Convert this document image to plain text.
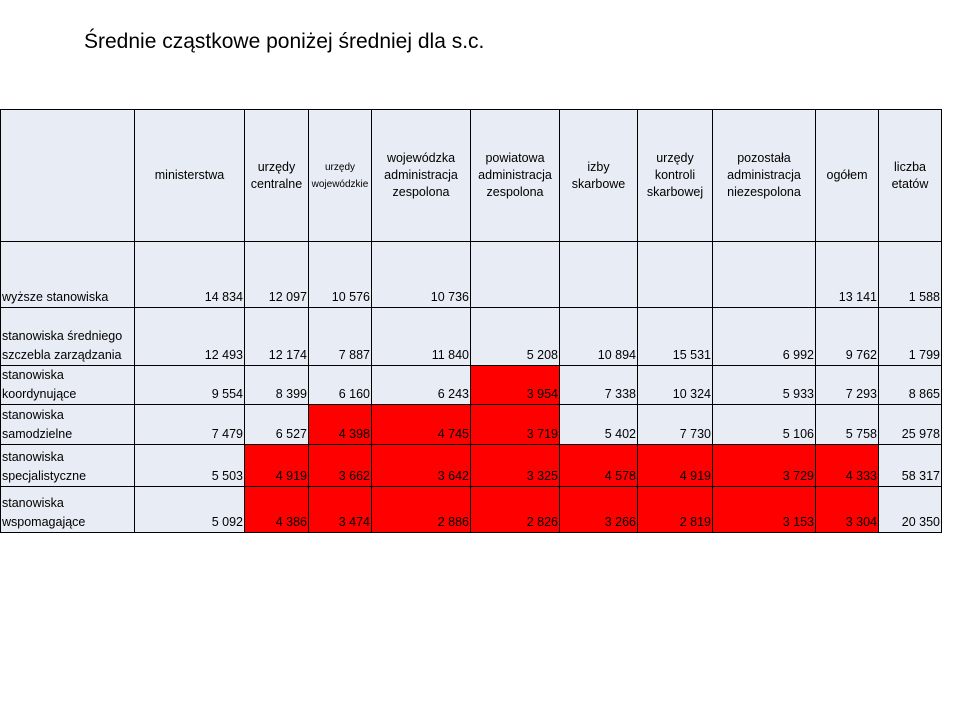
Średnie cząstkowe poniżej średniej dla s.c.
	ministerstwa	urzędy centralne	urzędy wojewódzkie	wojewódzka administracja zespolona	powiatowa administracja zespolona	izby skarbowe	urzędy kontroli skarbowej	pozostała administracja niezespolona	ogółem	liczba etatów
wyższe stanowiska	14 834	12 097	10 576	10 736					13 141	1 588
stanowiska średniego szczebla zarządzania	12 493	12 174	7 887	11 840	5 208	10 894	15 531	6 992	9 762	1 799
stanowiska koordynujące	9 554	8 399	6 160	6 243	3 954	7 338	10 324	5 933	7 293	8 865
stanowiska samodzielne	7 479	6 527	4 398	4 745	3 719	5 402	7 730	5 106	5 758	25 978
stanowiska specjalistyczne	5 503	4 919	3 662	3 642	3 325	4 578	4 919	3 729	4 333	58 317
stanowiska wspomagające	5 092	4 386	3 474	2 886	2 826	3 266	2 819	3 153	3 304	20 350
